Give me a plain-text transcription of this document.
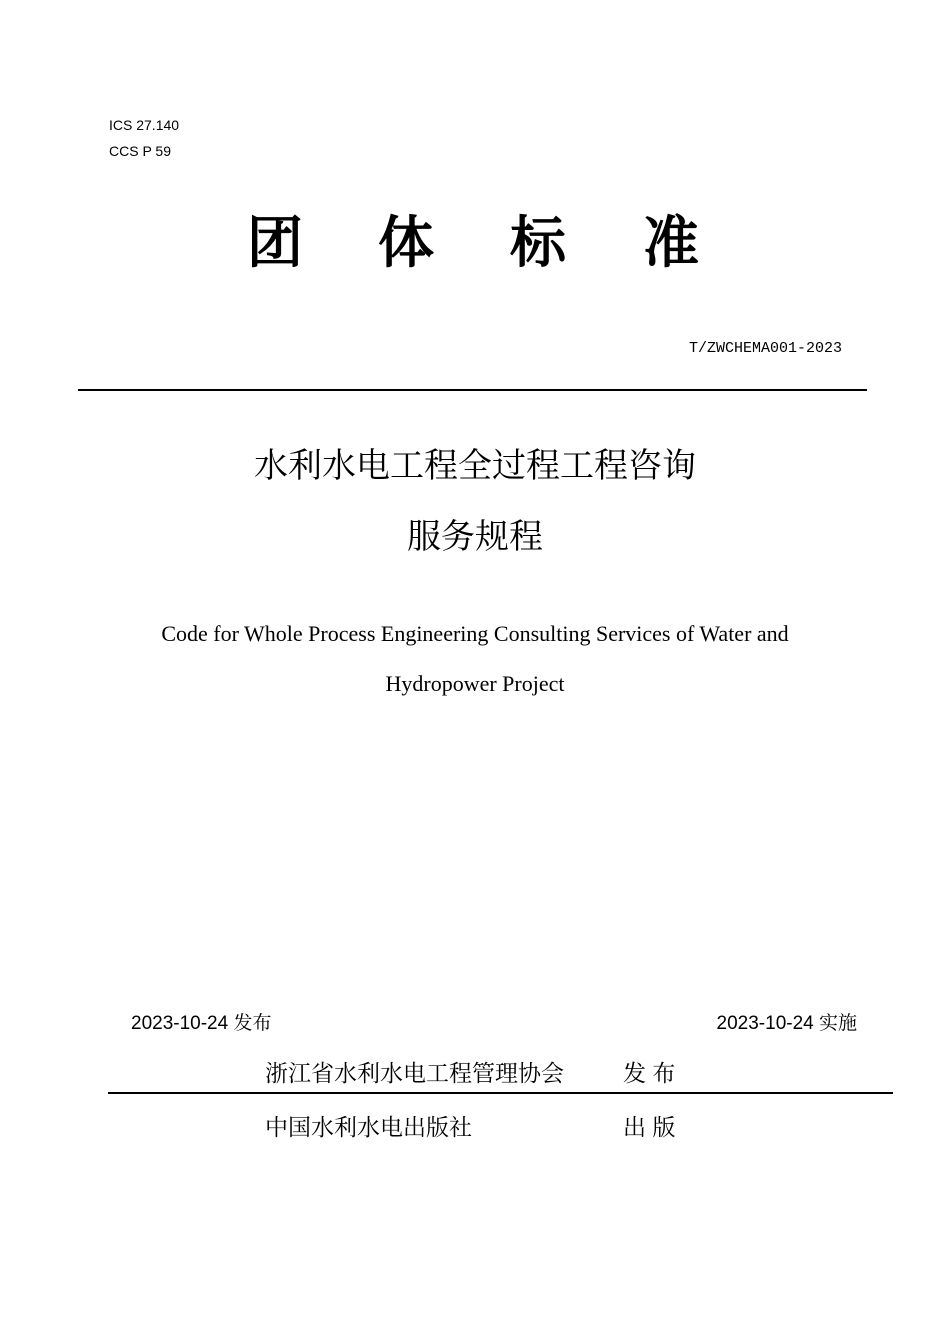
ICS 27.140
CCS P 59
团 体 标 准
T/ZWCHEMA001-2023
水利水电工程全过程工程咨询
服务规程
Code for Whole Process Engineering Consulting Services of Water and
Hydropower Project
2023-10-24 发布	2023-10-24 实施
浙江省水利水电工程管理协会	发 布
中国水利水电出版社	出 版
